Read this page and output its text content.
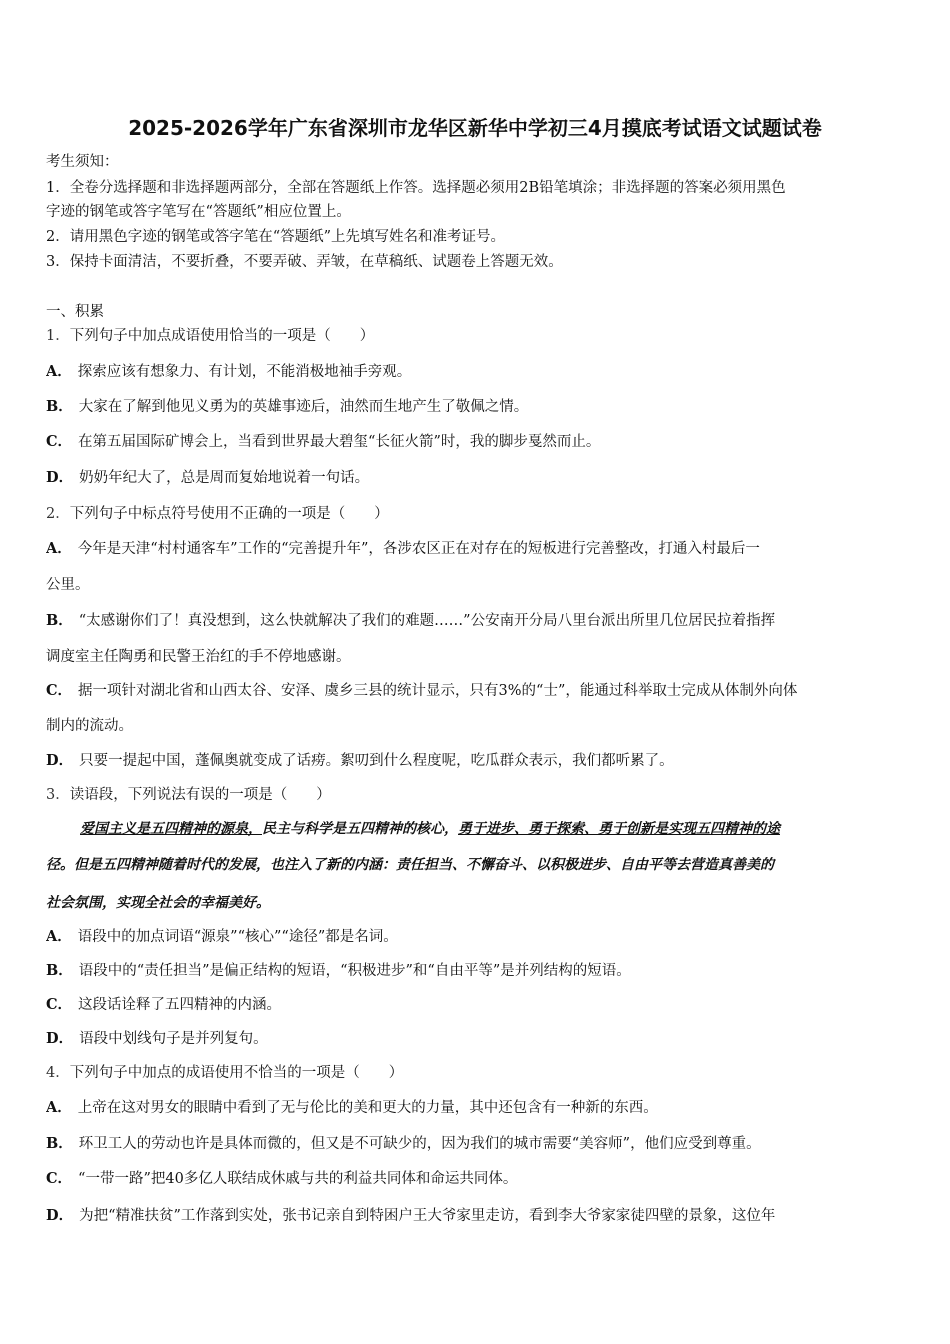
2025-2026学年广东省深圳市龙华区新华中学初三4月摸底考试语文试题试卷
考生须知：
1．全卷分选择题和非选择题两部分，全部在答题纸上作答。选择题必须用2B铅笔填涂；非选择题的答案必须用黑色
字迹的钢笔或答字笔写在“答题纸”相应位置上。
2．请用黑色字迹的钢笔或答字笔在“答题纸”上先填写姓名和准考证号。
3．保持卡面清洁，不要折叠，不要弄破、弄皱，在草稿纸、试题卷上答题无效。
一、积累
1．下列句子中加点成语使用恰当的一项是（　　）
A． 探索应该有想象力、有计划，不能消极地袖手旁观。
B． 大家在了解到他见义勇为的英雄事迹后，油然而生地产生了敬佩之情。
C． 在第五届国际矿博会上，当看到世界最大碧玺“长征火箭”时，我的脚步戛然而止。
D． 奶奶年纪大了，总是周而复始地说着一句话。
2．下列句子中标点符号使用不正确的一项是（　　）
A． 今年是天津“村村通客车”工作的“完善提升年”，各涉农区正在对存在的短板进行完善整改，打通入村最后一
公里。
B． “太感谢你们了！真没想到，这么快就解决了我们的难题……”公安南开分局八里台派出所里几位居民拉着指挥
调度室主任陶勇和民警王治红的手不停地感谢。
C． 据一项针对湖北省和山西太谷、安泽、虞乡三县的统计显示，只有3%的“士”，能通过科举取士完成从体制外向体
制内的流动。
D． 只要一提起中国，蓬佩奥就变成了话痨。絮叨到什么程度呢，吃瓜群众表示，我们都听累了。
3．读语段，下列说法有误的一项是（　　）
爱国主义是五四精神的源泉，民主与科学是五四精神的核心，勇于进步、勇于探索、勇于创新是实现五四精神的途
径。但是五四精神随着时代的发展，也注入了新的内涵：责任担当、不懈奋斗、以积极进步、自由平等去营造真善美的
社会氛围，实现全社会的幸福美好。
A． 语段中的加点词语“源泉”“核心”“途径”都是名词。
B． 语段中的“责任担当”是偏正结构的短语，“积极进步”和“自由平等”是并列结构的短语。
C． 这段话诠释了五四精神的内涵。
D． 语段中划线句子是并列复句。
4．下列句子中加点的成语使用不恰当的一项是（　　）
A． 上帝在这对男女的眼睛中看到了无与伦比的美和更大的力量，其中还包含有一种新的东西。
B． 环卫工人的劳动也许是具体而微的，但又是不可缺少的，因为我们的城市需要“美容师”，他们应受到尊重。
C． “一带一路”把40多亿人联结成休戚与共的利益共同体和命运共同体。
D． 为把“精准扶贫”工作落到实处，张书记亲自到特困户王大爷家里走访，看到李大爷家家徒四壁的景象，这位年
